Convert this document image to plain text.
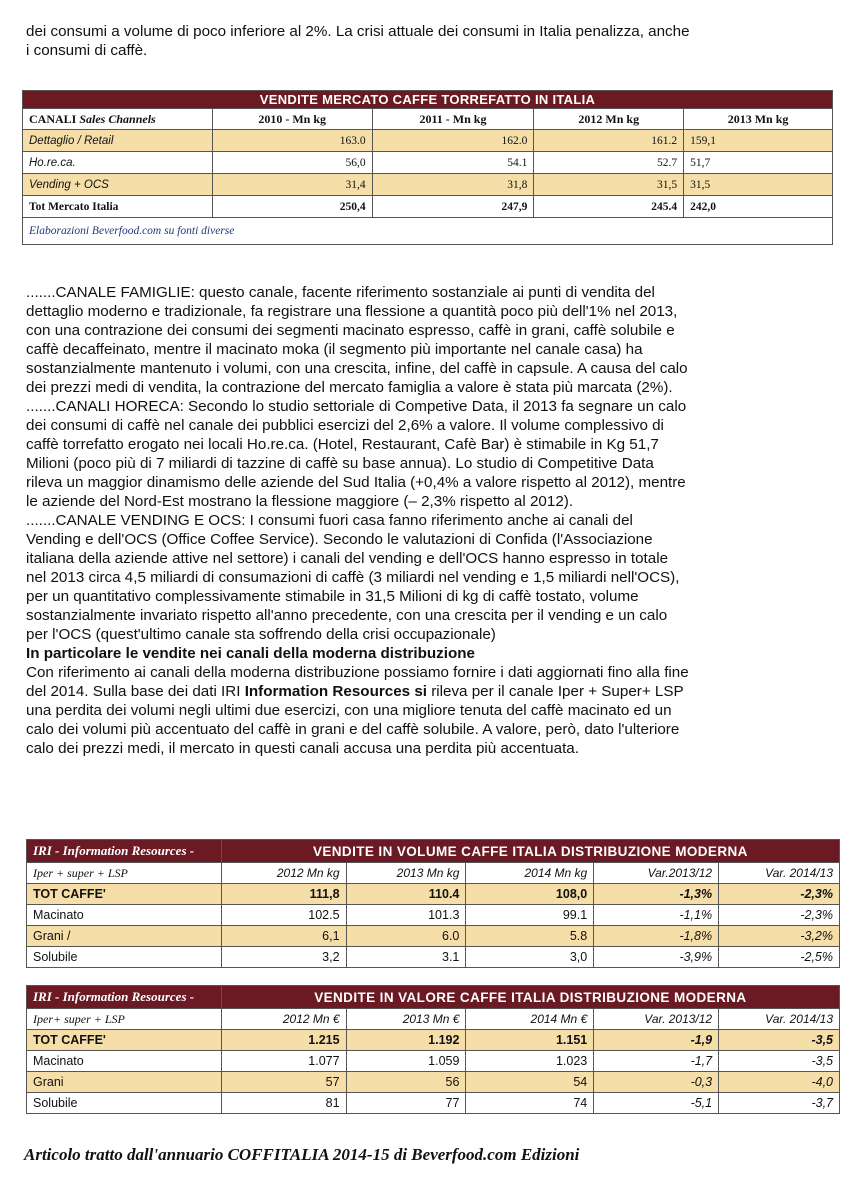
dei consumi a volume di poco inferiore al 2%. La crisi attuale dei consumi in Italia penalizza, anche
i consumi di caffè.

VENDITE MERCATO CAFFE TORREFATTO IN ITALIA				
CANALI Sales Channels	2010 - Mn kg	2011 - Mn kg	2012 Mn kg	2013 Mn kg
Dettaglio / Retail	163.0	162.0	161.2	159,1
Ho.re.ca.	56,0	54.1	52.7	51,7
Vending + OCS	31,4	31,8	31,5	31,5
Tot Mercato Italia	250,4	247,9	245.4	242,0
Elaborazioni Beverfood.com su fonti diverse				

.......CANALE FAMIGLIE: questo canale, facente riferimento sostanziale ai punti di vendita del
dettaglio moderno e tradizionale, fa registrare una flessione a quantità poco più dell'1% nel 2013,
con una contrazione dei consumi dei segmenti macinato espresso, caffè in grani, caffè solubile e
caffè decaffeinato, mentre il macinato moka (il segmento più importante nel canale casa) ha
sostanzialmente mantenuto i volumi, con una crescita, infine, del caffè in capsule. A causa del calo
dei prezzi medi di vendita, la contrazione del mercato famiglia a valore è stata più marcata (2%).
.......CANALI HORECA: Secondo lo studio settoriale di Competive Data, il 2013 fa segnare un calo
dei consumi di caffè nel canale dei pubblici esercizi del 2,6% a valore. Il volume complessivo di
caffè torrefatto erogato nei locali Ho.re.ca. (Hotel, Restaurant, Cafè Bar) è stimabile in Kg 51,7
Milioni (poco più di 7 miliardi di tazzine di caffè su base annua). Lo studio di Competitive Data
rileva un maggior dinamismo delle aziende del Sud Italia (+0,4% a valore rispetto al 2012), mentre
le aziende del Nord-Est mostrano la flessione maggiore (– 2,3% rispetto al 2012).
.......CANALE VENDING E OCS: I consumi fuori casa fanno riferimento anche ai canali del
Vending e dell'OCS (Office Coffee Service). Secondo le valutazioni di Confida (l'Associazione
italiana della aziende attive nel settore) i canali del vending e dell'OCS hanno espresso in totale
nel 2013 circa 4,5 miliardi di consumazioni di caffè (3 miliardi nel vending e 1,5 miliardi nell'OCS),
per un quantitativo complessivamente stimabile in 31,5 Milioni di kg di caffè tostato, volume
sostanzialmente invariato rispetto all'anno precedente, con una crescita per il vending e un calo
per l'OCS (quest'ultimo canale sta soffrendo della crisi occupazionale)
In particolare le vendite nei canali della moderna distribuzione
Con riferimento ai canali della moderna distribuzione possiamo fornire i dati aggiornati fino alla fine
del 2014. Sulla base dei dati IRI Information Resources si rileva per il canale Iper + Super+ LSP
una perdita dei volumi negli ultimi due esercizi, con una migliore tenuta del caffè macinato ed un
calo dei volumi più accentuato del caffè in grani e del caffè solubile. A valore, però, dato l'ulteriore
calo dei prezzi medi, il mercato in questi canali accusa una perdita più accentuata.

IRI - Information Resources -	VENDITE IN VOLUME CAFFE ITALIA DISTRIBUZIONE MODERNA				
Iper + super + LSP	2012 Mn kg	2013 Mn kg	2014 Mn kg	Var.2013/12	Var. 2014/13
TOT CAFFE'	111,8	110.4	108,0	-1,3%	-2,3%
Macinato	102.5	101.3	99.1	-1,1%	-2,3%
Grani /	6,1	6.0	5.8	-1,8%	-3,2%
Solubile	3,2	3.1	3,0	-3,9%	-2,5%
IRI - Information Resources -	VENDITE IN VALORE CAFFE ITALIA DISTRIBUZIONE MODERNA				
Iper+ super + LSP	2012 Mn €	2013 Mn €	2014 Mn €	Var. 2013/12	Var. 2014/13
TOT CAFFE'	1.215	1.192	1.151	-1,9	-3,5
Macinato	1.077	1.059	1.023	-1,7	-3,5
Grani	57	56	54	-0,3	-4,0
Solubile	81	77	74	-5,1	-3,7

Articolo tratto dall'annuario COFFITALIA 2014-15 di Beverfood.com Edizioni
